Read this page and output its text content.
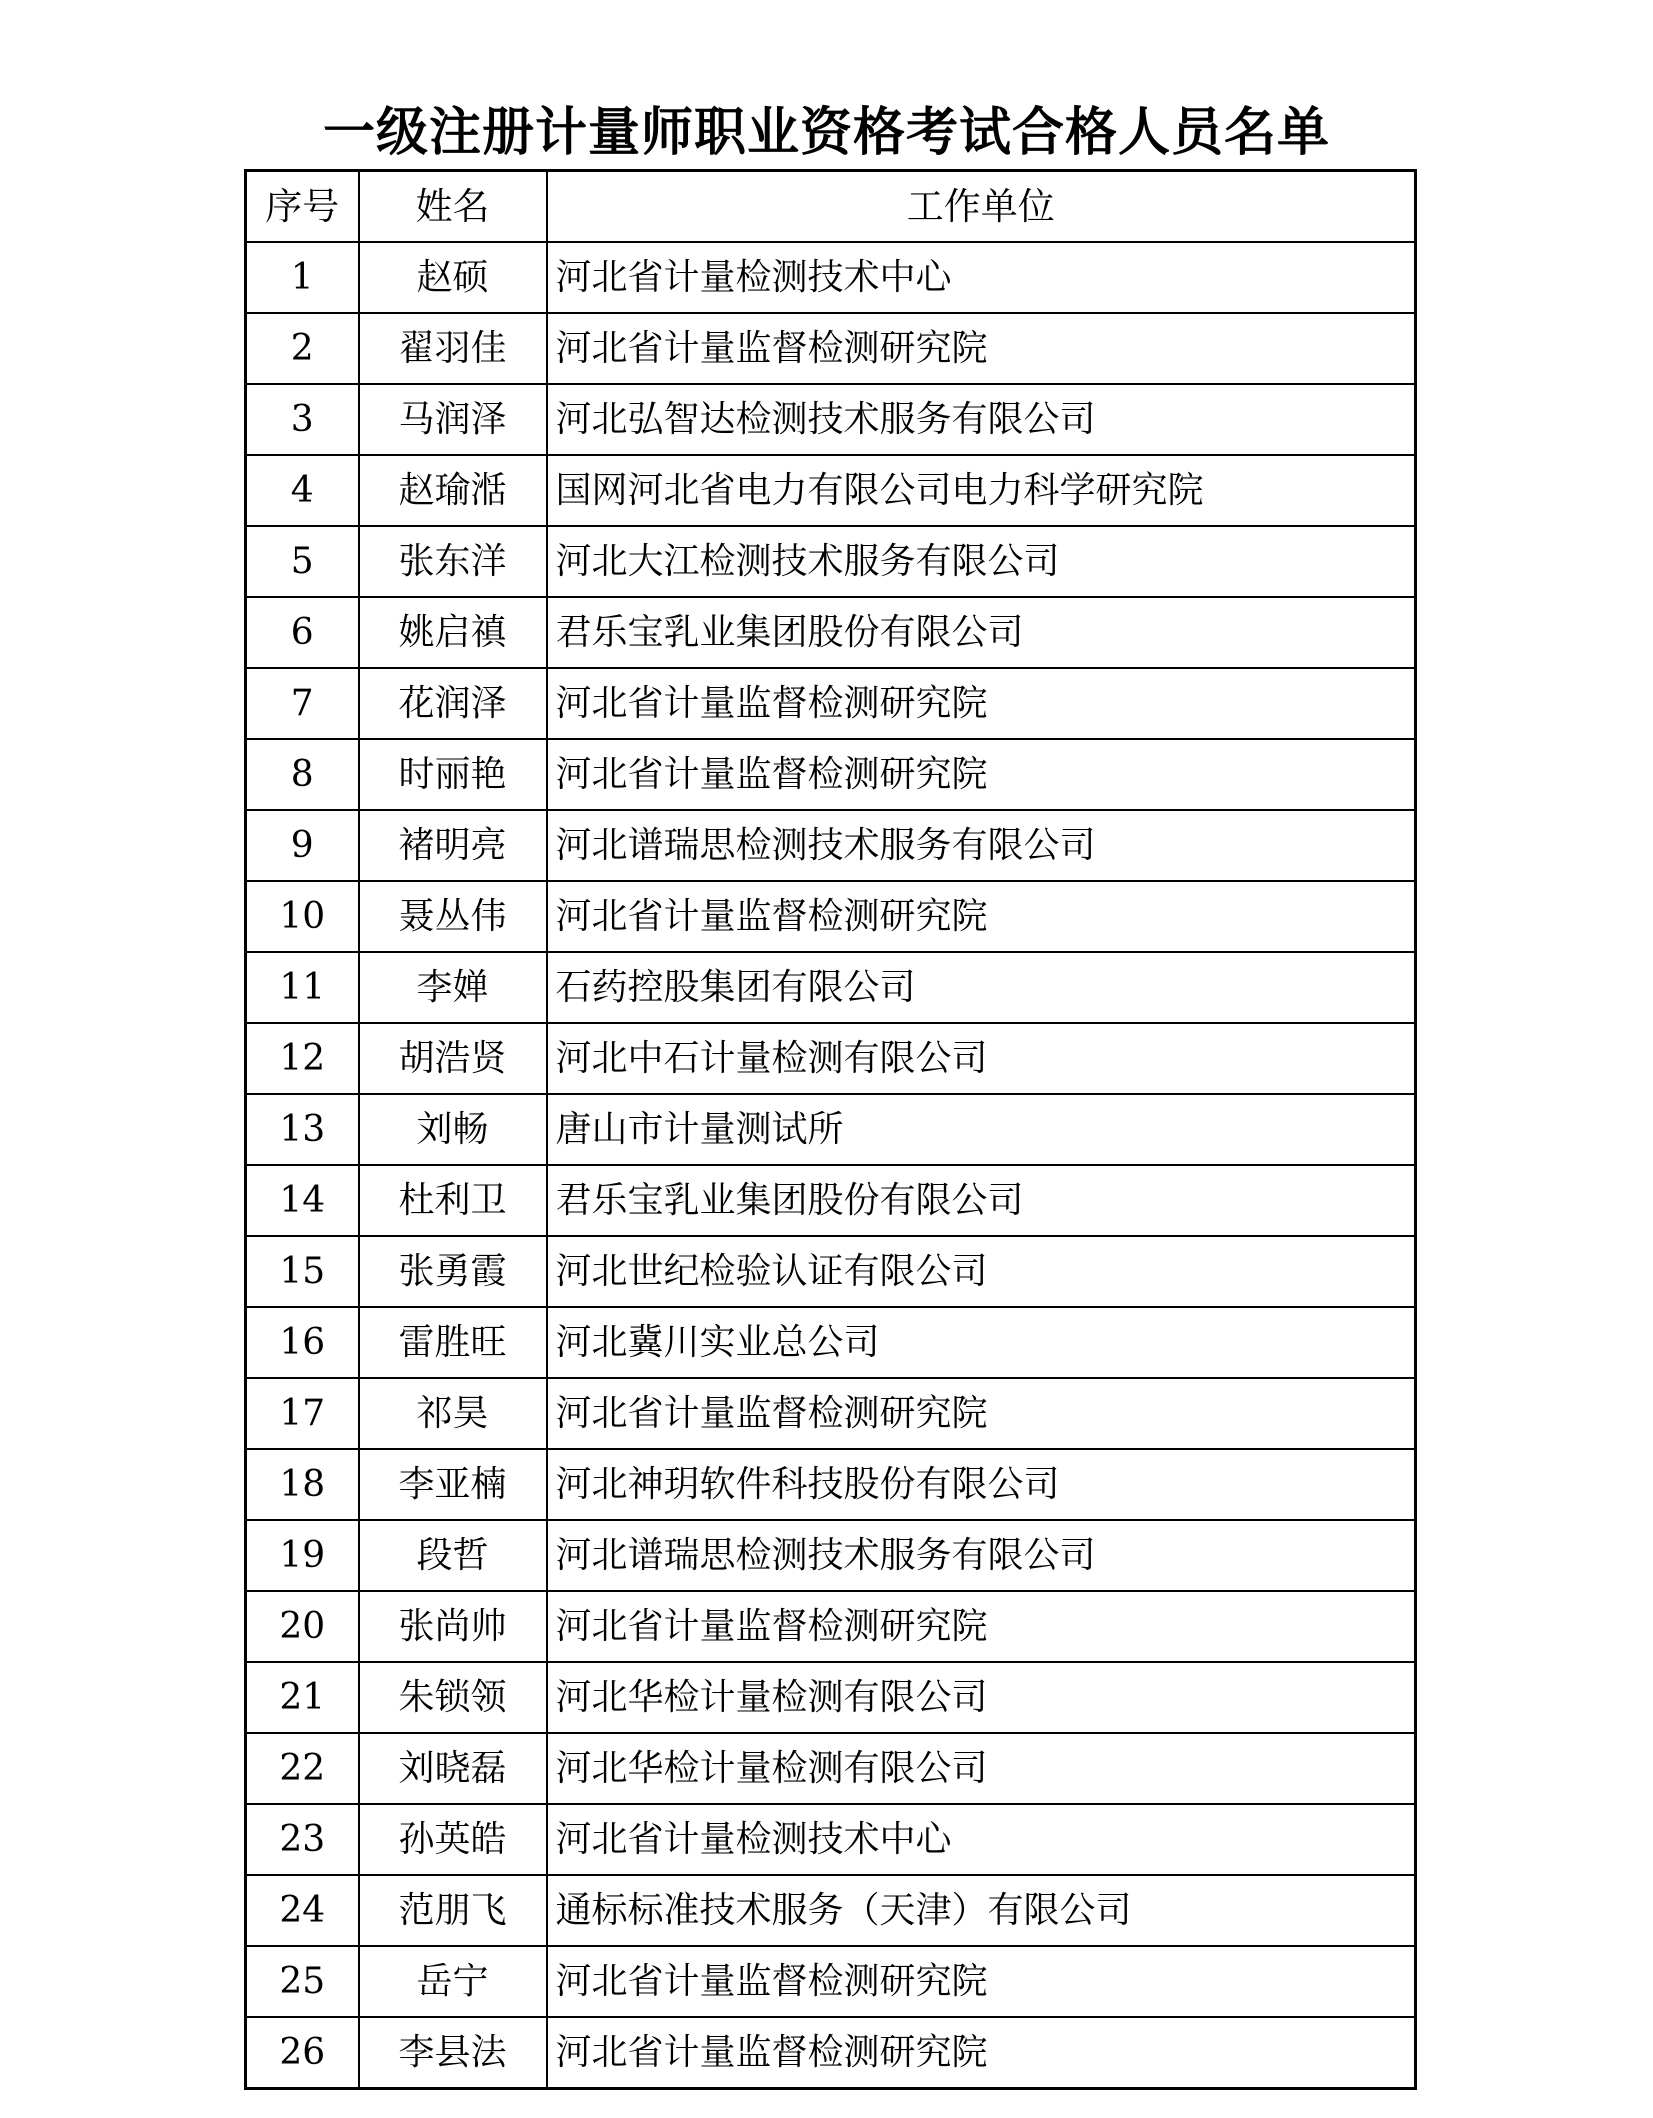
一级注册计量师职业资格考试合格人员名单
序号	姓名	工作单位
1	赵硕	河北省计量检测技术中心
2	翟羽佳	河北省计量监督检测研究院
3	马润泽	河北弘智达检测技术服务有限公司
4	赵瑜湉	国网河北省电力有限公司电力科学研究院
5	张东洋	河北大江检测技术服务有限公司
6	姚启禛	君乐宝乳业集团股份有限公司
7	花润泽	河北省计量监督检测研究院
8	时丽艳	河北省计量监督检测研究院
9	褚明亮	河北谱瑞思检测技术服务有限公司
10	聂丛伟	河北省计量监督检测研究院
11	李婵	石药控股集团有限公司
12	胡浩贤	河北中石计量检测有限公司
13	刘畅	唐山市计量测试所
14	杜利卫	君乐宝乳业集团股份有限公司
15	张勇霞	河北世纪检验认证有限公司
16	雷胜旺	河北冀川实业总公司
17	祁昊	河北省计量监督检测研究院
18	李亚楠	河北神玥软件科技股份有限公司
19	段哲	河北谱瑞思检测技术服务有限公司
20	张尚帅	河北省计量监督检测研究院
21	朱锁领	河北华检计量检测有限公司
22	刘晓磊	河北华检计量检测有限公司
23	孙英皓	河北省计量检测技术中心
24	范朋飞	通标标准技术服务（天津）有限公司
25	岳宁	河北省计量监督检测研究院
26	李县法	河北省计量监督检测研究院
